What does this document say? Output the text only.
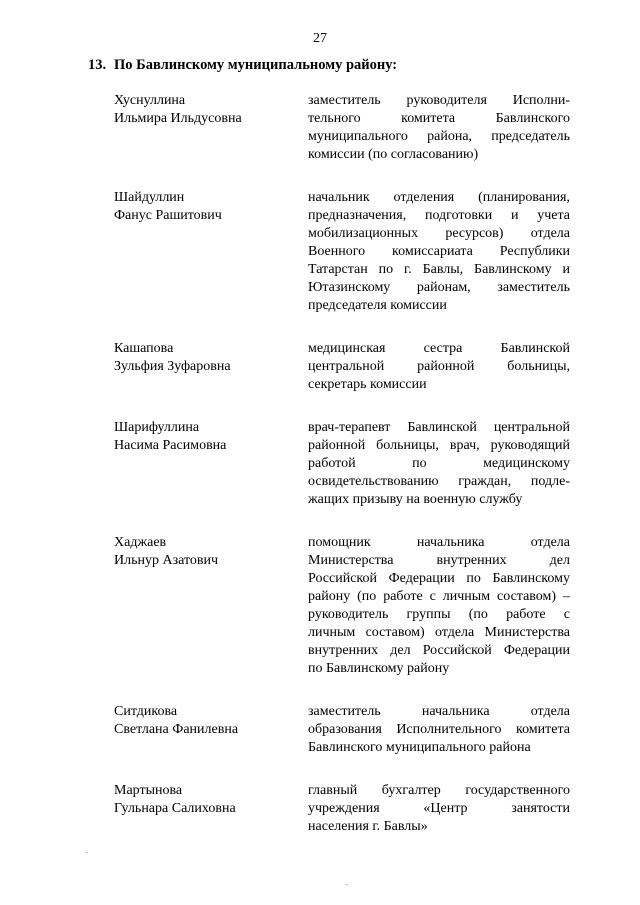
27
13. По Бавлинскому муниципальному району:
Хуснуллина
Ильмира Ильдусовна
заместитель руководителя Исполни-
тельного комитета Бавлинского
муниципального района, председатель
комиссии (по согласованию)
Шайдуллин
Фанус Рашитович
начальник отделения (планирования,
предназначения, подготовки и учета
мобилизационных ресурсов) отдела
Военного комиссариата Республики
Татарстан по г. Бавлы, Бавлинскому и
Ютазинскому районам, заместитель
председателя комиссии
Кашапова
Зульфия Зуфаровна
медицинская сестра Бавлинской
центральной районной больницы,
секретарь комиссии
Шарифуллина
Насима Расимовна
врач-терапевт Бавлинской центральной
районной больницы, врач, руководящий
работой по медицинскому
освидетельствованию граждан, подле-
жащих призыву на военную службу
Хаджаев
Ильнур Азатович
помощник начальника отдела
Министерства внутренних дел
Российской Федерации по Бавлинскому
району (по работе с личным составом) –
руководитель группы (по работе с
личным составом) отдела Министерства
внутренних дел Российской Федерации
по Бавлинскому району
Ситдикова
Светлана Фанилевна
заместитель начальника отдела
образования Исполнительного комитета
Бавлинского муниципального района
Мартынова
Гульнара Салиховна
главный бухгалтер государственного
учреждения «Центр занятости
населения г. Бавлы»
